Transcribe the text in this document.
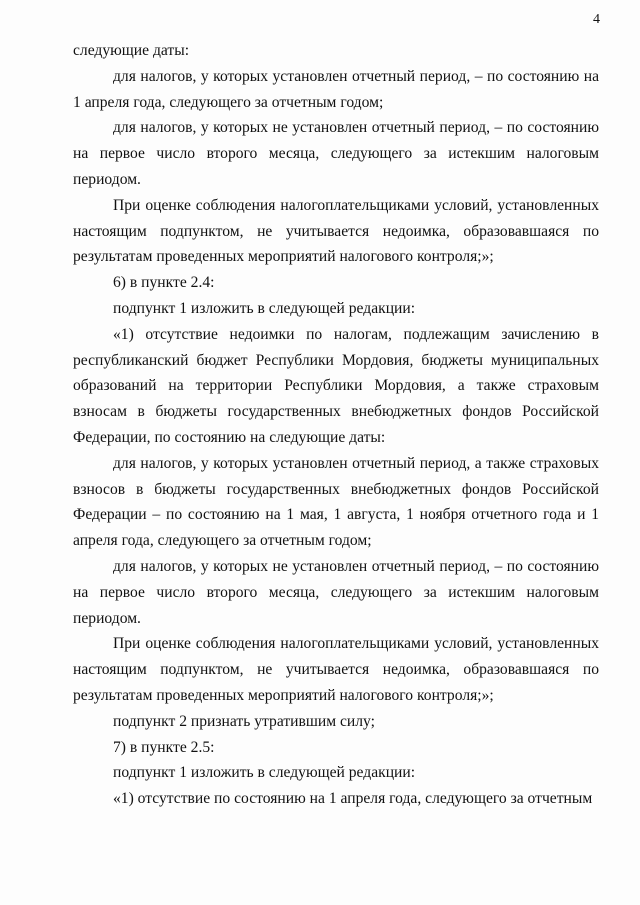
4

следующие даты:

для налогов, у которых установлен отчетный период, – по состоянию на 1 апреля года, следующего за отчетным годом;

для налогов, у которых не установлен отчетный период, – по состоянию на первое число второго месяца, следующего за истекшим налоговым периодом.

При оценке соблюдения налогоплательщиками условий, установленных настоящим подпунктом, не учитывается недоимка, образовавшаяся по результатам проведенных мероприятий налогового контроля;»;

6) в пункте 2.4:

подпункт 1 изложить в следующей редакции:

«1) отсутствие недоимки по налогам, подлежащим зачислению в республиканский бюджет Республики Мордовия, бюджеты муниципальных образований на территории Республики Мордовия, а также страховым взносам в бюджеты государственных внебюджетных фондов Российской Федерации, по состоянию на следующие даты:

для налогов, у которых установлен отчетный период, а также страховых взносов в бюджеты государственных внебюджетных фондов Российской Федерации – по состоянию на 1 мая, 1 августа, 1 ноября отчетного года и 1 апреля года, следующего за отчетным годом;

для налогов, у которых не установлен отчетный период, – по состоянию на первое число второго месяца, следующего за истекшим налоговым периодом.

При оценке соблюдения налогоплательщиками условий, установленных настоящим подпунктом, не учитывается недоимка, образовавшаяся по результатам проведенных мероприятий налогового контроля;»;

подпункт 2 признать утратившим силу;

7) в пункте 2.5:

подпункт 1 изложить в следующей редакции:

«1) отсутствие по состоянию на 1 апреля года, следующего за отчетным
